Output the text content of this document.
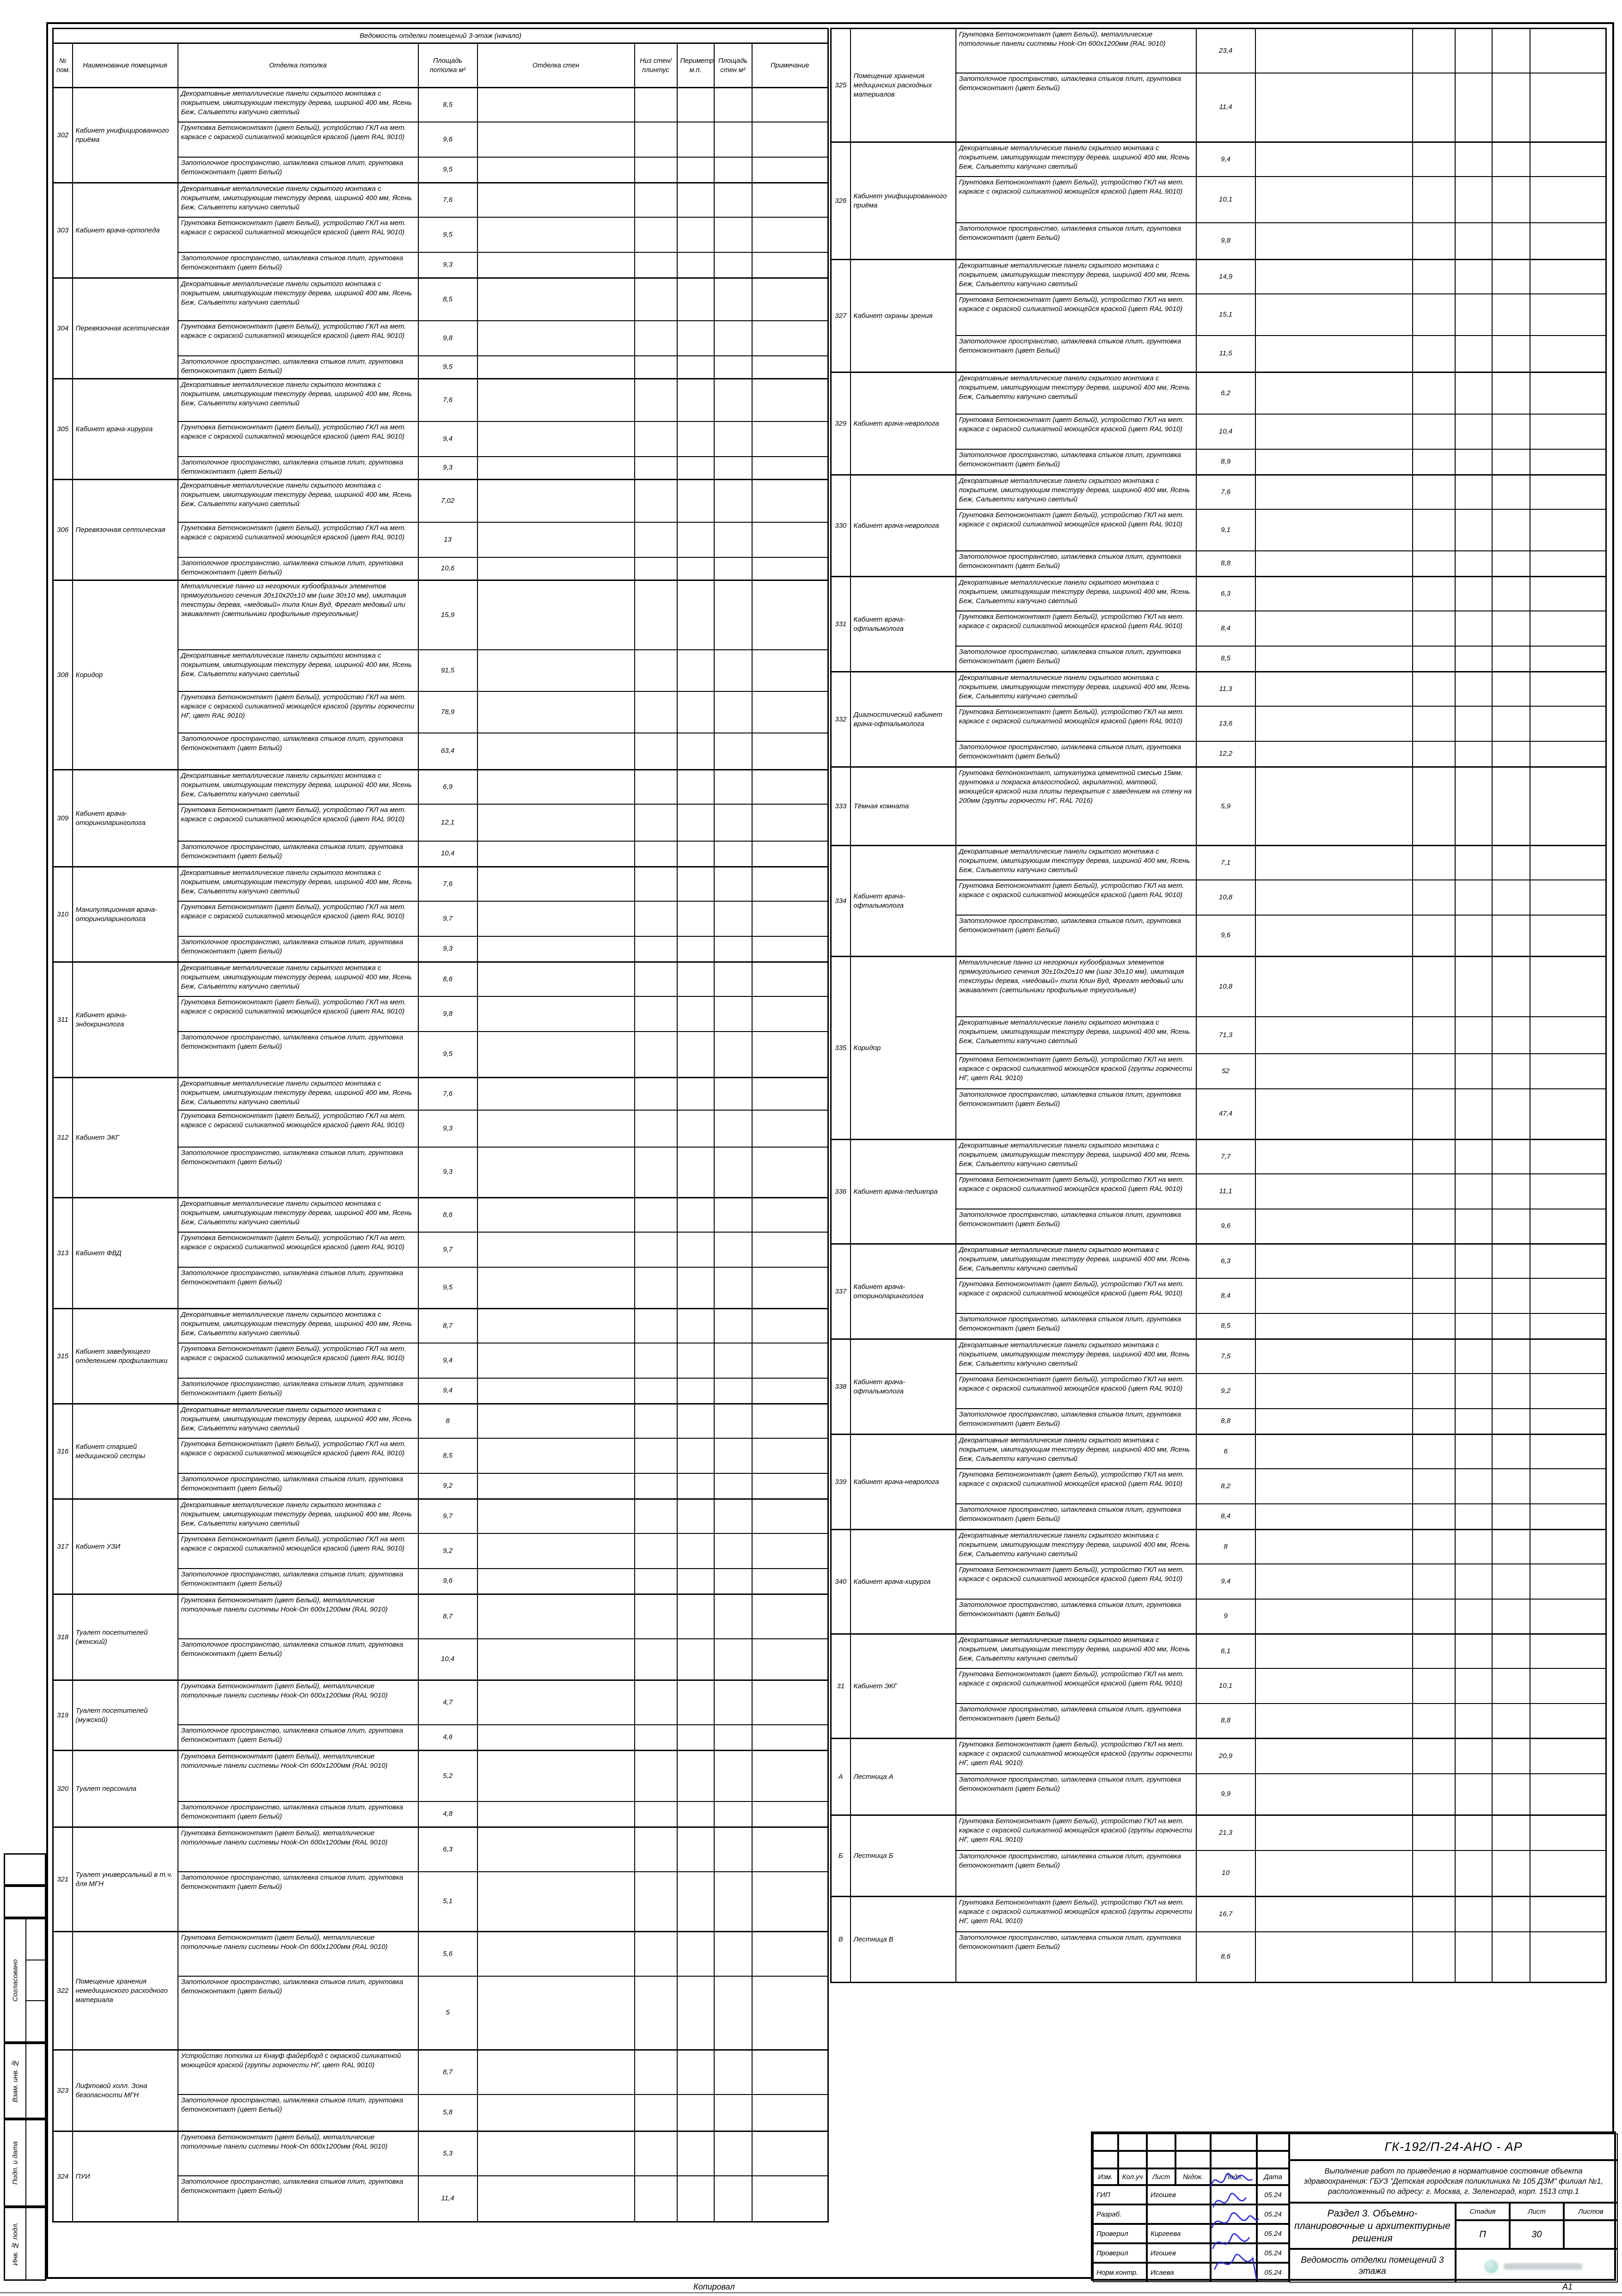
Ведомость отделки помещений 3-этаж (начало)								
№ пом.	Наименование помещения	Отделка потолка	Площадь потолка м²	Отделка стен	Низ стен/ плинтус	Периметр м.п.	Площадь стен м²	Примечание
302	Кабинет унифицированного приёма	Декоративные металлические панели скрытого монтажа с покрытием, имитирующим текстуру дерева, шириной 400 мм, Ясень Беж, Сальветти капучино светлый	8,5					
		Грунтовка Бетоноконтакт (цвет Белый), устройство ГКЛ на мет. каркасе с окраской силикатной моющейся краской (цвет RAL 9010)	9,6					
		Запотолочное пространство, шпаклевка стыков плит, грунтовка бетоноконтакт (цвет Белый)	9,5					
303	Кабинет врача-ортопеда	Декоративные металлические панели скрытого монтажа с покрытием, имитирующим текстуру дерева, шириной 400 мм, Ясень Беж, Сальветти капучино светлый	7,6					
		Грунтовка Бетоноконтакт (цвет Белый), устройство ГКЛ на мет. каркасе с окраской силикатной моющейся краской (цвет RAL 9010)	9,5					
		Запотолочное пространство, шпаклевка стыков плит, грунтовка бетоноконтакт (цвет Белый)	9,3					
304	Перевязочная асептическая	Декоративные металлические панели скрытого монтажа с покрытием, имитирующим текстуру дерева, шириной 400 мм, Ясень Беж, Сальветти капучино светлый	8,5					
		Грунтовка Бетоноконтакт (цвет Белый), устройство ГКЛ на мет. каркасе с окраской силикатной моющейся краской (цвет RAL 9010)	9,8					
		Запотолочное пространство, шпаклевка стыков плит, грунтовка бетоноконтакт (цвет Белый)	9,5					
305	Кабинет врача-хирурга	Декоративные металлические панели скрытого монтажа с покрытием, имитирующим текстуру дерева, шириной 400 мм, Ясень Беж, Сальветти капучино светлый	7,6					
		Грунтовка Бетоноконтакт (цвет Белый), устройство ГКЛ на мет. каркасе с окраской силикатной моющейся краской (цвет RAL 9010)	9,4					
		Запотолочное пространство, шпаклевка стыков плит, грунтовка бетоноконтакт (цвет Белый)	9,3					
306	Перевязочная септическая	Декоративные металлические панели скрытого монтажа с покрытием, имитирующим текстуру дерева, шириной 400 мм, Ясень Беж, Сальветти капучино светлый	7,02					
		Грунтовка Бетоноконтакт (цвет Белый), устройство ГКЛ на мет. каркасе с окраской силикатной моющейся краской (цвет RAL 9010)	13					
		Запотолочное пространство, шпаклевка стыков плит, грунтовка бетоноконтакт (цвет Белый)	10,6					
308	Коридор	Металлические панно из негорючих кубообразных элементов прямоугольного сечения 30±10х20±10 мм (шаг 30±10 мм), имитация текстуры дерева, «медовый» типа Клин Вуд, Фрегат медовый или эквивалент (светильники профильные треугольные)	15,9					
		Декоративные металлические панели скрытого монтажа с покрытием, имитирующим текстуру дерева, шириной 400 мм, Ясень Беж, Сальветти капучино светлый	91,5					
		Грунтовка Бетоноконтакт (цвет Белый), устройство ГКЛ на мет. каркасе с окраской силикатной моющейся краской (группы горючести НГ, цвет RAL 9010)	78,9					
		Запотолочное пространство, шпаклевка стыков плит, грунтовка бетоноконтакт (цвет Белый)	63,4					
309	Кабинет врача-оториноларинголога	Декоративные металлические панели скрытого монтажа с покрытием, имитирующим текстуру дерева, шириной 400 мм, Ясень Беж, Сальветти капучино светлый	6,9					
		Грунтовка Бетоноконтакт (цвет Белый), устройство ГКЛ на мет. каркасе с окраской силикатной моющейся краской (цвет RAL 9010)	12,1					
		Запотолочное пространство, шпаклевка стыков плит, грунтовка бетоноконтакт (цвет Белый)	10,4					
310	Манипуляционная врача-оториноларинголога	Декоративные металлические панели скрытого монтажа с покрытием, имитирующим текстуру дерева, шириной 400 мм, Ясень Беж, Сальветти капучино светлый	7,6					
		Грунтовка Бетоноконтакт (цвет Белый), устройство ГКЛ на мет. каркасе с окраской силикатной моющейся краской (цвет RAL 9010)	9,7					
		Запотолочное пространство, шпаклевка стыков плит, грунтовка бетоноконтакт (цвет Белый)	9,3					
311	Кабинет врача-эндокринолога	Декоративные металлические панели скрытого монтажа с покрытием, имитирующим текстуру дерева, шириной 400 мм, Ясень Беж, Сальветти капучино светлый	8,6					
		Грунтовка Бетоноконтакт (цвет Белый), устройство ГКЛ на мет. каркасе с окраской силикатной моющейся краской (цвет RAL 9010)	9,8					
		Запотолочное пространство, шпаклевка стыков плит, грунтовка бетоноконтакт (цвет Белый)	9,5					
312	Кабинет ЭКГ	Декоративные металлические панели скрытого монтажа с покрытием, имитирующим текстуру дерева, шириной 400 мм, Ясень Беж, Сальветти капучино светлый	7,6					
		Грунтовка Бетоноконтакт (цвет Белый), устройство ГКЛ на мет. каркасе с окраской силикатной моющейся краской (цвет RAL 9010)	9,3					
		Запотолочное пространство, шпаклевка стыков плит, грунтовка бетоноконтакт (цвет Белый)	9,3					
313	Кабинет ФВД	Декоративные металлические панели скрытого монтажа с покрытием, имитирующим текстуру дерева, шириной 400 мм, Ясень Беж, Сальветти капучино светлый	8,6					
		Грунтовка Бетоноконтакт (цвет Белый), устройство ГКЛ на мет. каркасе с окраской силикатной моющейся краской (цвет RAL 9010)	9,7					
		Запотолочное пространство, шпаклевка стыков плит, грунтовка бетоноконтакт (цвет Белый)	9,5					
315	Кабинет заведующего отделением профилактики	Декоративные металлические панели скрытого монтажа с покрытием, имитирующим текстуру дерева, шириной 400 мм, Ясень Беж, Сальветти капучино светлый	8,7					
		Грунтовка Бетоноконтакт (цвет Белый), устройство ГКЛ на мет. каркасе с окраской силикатной моющейся краской (цвет RAL 9010)	9,4					
		Запотолочное пространство, шпаклевка стыков плит, грунтовка бетоноконтакт (цвет Белый)	9,4					
316	Кабинет старшей медицинской сестры	Декоративные металлические панели скрытого монтажа с покрытием, имитирующим текстуру дерева, шириной 400 мм, Ясень Беж, Сальветти капучино светлый	8					
		Грунтовка Бетоноконтакт (цвет Белый), устройство ГКЛ на мет. каркасе с окраской силикатной моющейся краской (цвет RAL 9010)	8,5					
		Запотолочное пространство, шпаклевка стыков плит, грунтовка бетоноконтакт (цвет Белый)	9,2					
317	Кабинет УЗИ	Декоративные металлические панели скрытого монтажа с покрытием, имитирующим текстуру дерева, шириной 400 мм, Ясень Беж, Сальветти капучино светлый	9,7					
		Грунтовка Бетоноконтакт (цвет Белый), устройство ГКЛ на мет. каркасе с окраской силикатной моющейся краской (цвет RAL 9010)	9,2					
		Запотолочное пространство, шпаклевка стыков плит, грунтовка бетоноконтакт (цвет Белый)	9,6					
318	Туалет посетителей (женский)	Грунтовка Бетоноконтакт (цвет Белый), металлические потолочные панели системы Hook-On 600х1200мм (RAL 9010)	8,7					
		Запотолочное пространство, шпаклевка стыков плит, грунтовка бетоноконтакт (цвет Белый)	10,4					
319	Туалет посетителей (мужской)	Грунтовка Бетоноконтакт (цвет Белый), металлические потолочные панели системы Hook-On 600х1200мм (RAL 9010)	4,7					
		Запотолочное пространство, шпаклевка стыков плит, грунтовка бетоноконтакт (цвет Белый)	4,6					
320	Туалет персонала	Грунтовка Бетоноконтакт (цвет Белый), металлические потолочные панели системы Hook-On 600х1200мм (RAL 9010)	5,2					
		Запотолочное пространство, шпаклевка стыков плит, грунтовка бетоноконтакт (цвет Белый)	4,8					
321	Туалет универсальный в т.ч. для МГН	Грунтовка Бетоноконтакт (цвет Белый), металлические потолочные панели системы Hook-On 600х1200мм (RAL 9010)	6,3					
		Запотолочное пространство, шпаклевка стыков плит, грунтовка бетоноконтакт (цвет Белый)	5,1					
322	Помещение хранения немедицинского расходного материала	Грунтовка Бетоноконтакт (цвет Белый), металлические потолочные панели системы Hook-On 600х1200мм (RAL 9010)	5,6					
		Запотолочное пространство, шпаклевка стыков плит, грунтовка бетоноконтакт (цвет Белый)	5					
323	Лифтовой холл. Зона безопасности МГН	Устройство потолка из Кнауф файерборд с окраской силикатной моющейся краской (группы горючести НГ, цвет RAL 9010)	8,7					
		Запотолочное пространство, шпаклевка стыков плит, грунтовка бетоноконтакт (цвет Белый)	5,8					
324	ПУИ	Грунтовка Бетоноконтакт (цвет Белый), металлические потолочные панели системы Hook-On 600х1200мм (RAL 9010)	5,3					
		Запотолочное пространство, шпаклевка стыков плит, грунтовка бетоноконтакт (цвет Белый)	11,4					
325	Помещение хранения медицинских расходных материалов	Грунтовка Бетоноконтакт (цвет Белый), металлические потолочные панели системы Hook-On 600х1200мм (RAL 9010)	23,4					
		Запотолочное пространство, шпаклевка стыков плит, грунтовка бетоноконтакт (цвет Белый)	11,4					
326	Кабинет унифицированного приёма	Декоративные металлические панели скрытого монтажа с покрытием, имитирующим текстуру дерева, шириной 400 мм, Ясень Беж, Сальветти капучино светлый	9,4					
		Грунтовка Бетоноконтакт (цвет Белый), устройство ГКЛ на мет. каркасе с окраской силикатной моющейся краской (цвет RAL 9010)	10,1					
		Запотолочное пространство, шпаклевка стыков плит, грунтовка бетоноконтакт (цвет Белый)	9,8					
327	Кабинет охраны зрения	Декоративные металлические панели скрытого монтажа с покрытием, имитирующим текстуру дерева, шириной 400 мм, Ясень Беж, Сальветти капучино светлый	14,9					
		Грунтовка Бетоноконтакт (цвет Белый), устройство ГКЛ на мет. каркасе с окраской силикатной моющейся краской (цвет RAL 9010)	15,1					
		Запотолочное пространство, шпаклевка стыков плит, грунтовка бетоноконтакт (цвет Белый)	11,5					
329	Кабинет врача-невролога	Декоративные металлические панели скрытого монтажа с покрытием, имитирующим текстуру дерева, шириной 400 мм, Ясень Беж, Сальветти капучино светлый	6,2					
		Грунтовка Бетоноконтакт (цвет Белый), устройство ГКЛ на мет. каркасе с окраской силикатной моющейся краской (цвет RAL 9010)	10,4					
		Запотолочное пространство, шпаклевка стыков плит, грунтовка бетоноконтакт (цвет Белый)	8,9					
330	Кабинет врача-невролога	Декоративные металлические панели скрытого монтажа с покрытием, имитирующим текстуру дерева, шириной 400 мм, Ясень Беж, Сальветти капучино светлый	7,6					
		Грунтовка Бетоноконтакт (цвет Белый), устройство ГКЛ на мет. каркасе с окраской силикатной моющейся краской (цвет RAL 9010)	9,1					
		Запотолочное пространство, шпаклевка стыков плит, грунтовка бетоноконтакт (цвет Белый)	8,8					
331	Кабинет врача-офтальмолога	Декоративные металлические панели скрытого монтажа с покрытием, имитирующим текстуру дерева, шириной 400 мм, Ясень Беж, Сальветти капучино светлый	6,3					
		Грунтовка Бетоноконтакт (цвет Белый), устройство ГКЛ на мет. каркасе с окраской силикатной моющейся краской (цвет RAL 9010)	8,4					
		Запотолочное пространство, шпаклевка стыков плит, грунтовка бетоноконтакт (цвет Белый)	8,5					
332	Диагностический кабинет врача-офтальмолога	Декоративные металлические панели скрытого монтажа с покрытием, имитирующим текстуру дерева, шириной 400 мм, Ясень Беж, Сальветти капучино светлый	11,3					
		Грунтовка Бетоноконтакт (цвет Белый), устройство ГКЛ на мет. каркасе с окраской силикатной моющейся краской (цвет RAL 9010)	13,6					
		Запотолочное пространство, шпаклевка стыков плит, грунтовка бетоноконтакт (цвет Белый)	12,2					
333	Тёмная комната	Грунтовка бетоноконтакт, штукатурка цементной смесью 15мм, грунтовка и покраска влагостойкой, акрилатной, матовой, моющейся краской низа плиты перекрытия с заведением на стену на 200мм (группы горючести НГ, RAL 7016)	5,9					
334	Кабинет врача-офтальмолога	Декоративные металлические панели скрытого монтажа с покрытием, имитирующим текстуру дерева, шириной 400 мм, Ясень Беж, Сальветти капучино светлый	7,1					
		Грунтовка Бетоноконтакт (цвет Белый), устройство ГКЛ на мет. каркасе с окраской силикатной моющейся краской (цвет RAL 9010)	10,8					
		Запотолочное пространство, шпаклевка стыков плит, грунтовка бетоноконтакт (цвет Белый)	9,6					
335	Коридор	Металлические панно из негорючих кубообразных элементов прямоугольного сечения 30±10х20±10 мм (шаг 30±10 мм), имитация текстуры дерева, «медовый» типа Клин Вуд, Фрегат медовый или эквивалент (светильники профильные треугольные)	10,8					
		Декоративные металлические панели скрытого монтажа с покрытием, имитирующим текстуру дерева, шириной 400 мм, Ясень Беж, Сальветти капучино светлый	71,3					
		Грунтовка Бетоноконтакт (цвет Белый), устройство ГКЛ на мет. каркасе с окраской силикатной моющейся краской (группы горючести НГ, цвет RAL 9010)	52					
		Запотолочное пространство, шпаклевка стыков плит, грунтовка бетоноконтакт (цвет Белый)	47,4					
336	Кабинет врача-педиатра	Декоративные металлические панели скрытого монтажа с покрытием, имитирующим текстуру дерева, шириной 400 мм, Ясень Беж, Сальветти капучино светлый	7,7					
		Грунтовка Бетоноконтакт (цвет Белый), устройство ГКЛ на мет. каркасе с окраской силикатной моющейся краской (цвет RAL 9010)	11,1					
		Запотолочное пространство, шпаклевка стыков плит, грунтовка бетоноконтакт (цвет Белый)	9,6					
337	Кабинет врача-оториноларинголога	Декоративные металлические панели скрытого монтажа с покрытием, имитирующим текстуру дерева, шириной 400 мм, Ясень Беж, Сальветти капучино светлый	6,3					
		Грунтовка Бетоноконтакт (цвет Белый), устройство ГКЛ на мет. каркасе с окраской силикатной моющейся краской (цвет RAL 9010)	8,4					
		Запотолочное пространство, шпаклевка стыков плит, грунтовка бетоноконтакт (цвет Белый)	8,5					
338	Кабинет врача-офтальмолога	Декоративные металлические панели скрытого монтажа с покрытием, имитирующим текстуру дерева, шириной 400 мм, Ясень Беж, Сальветти капучино светлый	7,5					
		Грунтовка Бетоноконтакт (цвет Белый), устройство ГКЛ на мет. каркасе с окраской силикатной моющейся краской (цвет RAL 9010)	9,2					
		Запотолочное пространство, шпаклевка стыков плит, грунтовка бетоноконтакт (цвет Белый)	8,8					
339	Кабинет врача-невролога	Декоративные металлические панели скрытого монтажа с покрытием, имитирующим текстуру дерева, шириной 400 мм, Ясень Беж, Сальветти капучино светлый	6					
		Грунтовка Бетоноконтакт (цвет Белый), устройство ГКЛ на мет. каркасе с окраской силикатной моющейся краской (цвет RAL 9010)	8,2					
		Запотолочное пространство, шпаклевка стыков плит, грунтовка бетоноконтакт (цвет Белый)	8,4					
340	Кабинет врача-хирурга	Декоративные металлические панели скрытого монтажа с покрытием, имитирующим текстуру дерева, шириной 400 мм, Ясень Беж, Сальветти капучино светлый	8					
		Грунтовка Бетоноконтакт (цвет Белый), устройство ГКЛ на мет. каркасе с окраской силикатной моющейся краской (цвет RAL 9010)	9,4					
		Запотолочное пространство, шпаклевка стыков плит, грунтовка бетоноконтакт (цвет Белый)	9					
31	Кабинет ЭКГ	Декоративные металлические панели скрытого монтажа с покрытием, имитирующим текстуру дерева, шириной 400 мм, Ясень Беж, Сальветти капучино светлый	6,1					
		Грунтовка Бетоноконтакт (цвет Белый), устройство ГКЛ на мет. каркасе с окраской силикатной моющейся краской (цвет RAL 9010)	10,1					
		Запотолочное пространство, шпаклевка стыков плит, грунтовка бетоноконтакт (цвет Белый)	8,8					
А	Лестница А	Грунтовка Бетоноконтакт (цвет Белый), устройство ГКЛ на мет. каркасе с окраской силикатной моющейся краской (группы горючести НГ, цвет RAL 9010)	20,9					
		Запотолочное пространство, шпаклевка стыков плит, грунтовка бетоноконтакт (цвет Белый)	9,9					
Б	Лестница Б	Грунтовка Бетоноконтакт (цвет Белый), устройство ГКЛ на мет. каркасе с окраской силикатной моющейся краской (группы горючести НГ, цвет RAL 9010)	21,3					
		Запотолочное пространство, шпаклевка стыков плит, грунтовка бетоноконтакт (цвет Белый)	10					
В	Лестница В	Грунтовка Бетоноконтакт (цвет Белый), устройство ГКЛ на мет. каркасе с окраской силикатной моющейся краской (группы горючести НГ, цвет RAL 9010)	16,7					
		Запотолочное пространство, шпаклевка стыков плит, грунтовка бетоноконтакт (цвет Белый)	8,6					
Согласовано
Взам. инв. №
Подп. и дата
Инв. № подл.
Изм.	Кол.уч	Лист	№док.	Подп.	Дата
ГИП	Игошев	05.24
Разраб.	05.24
Проверил	Киргеева	05.24
Проверил	Игошев	05.24
Норм.контр.	Исаева	05.24
ГК-192/П-24-АНО - АР
Выполнение работ по приведению в нормативное состояние объекта здравоохранения: ГБУЗ "Детская городская поликлиника № 105 ДЗМ" филиал №1, расположенный по адресу: г. Москва, г. Зеленоград, корп. 1513 стр.1
Раздел 3. Объемно-планировочные и архитектурные решения
Стадия	Лист	Листов
П	30
Ведомость отделки помещений 3 этажа
Копировал	А1
